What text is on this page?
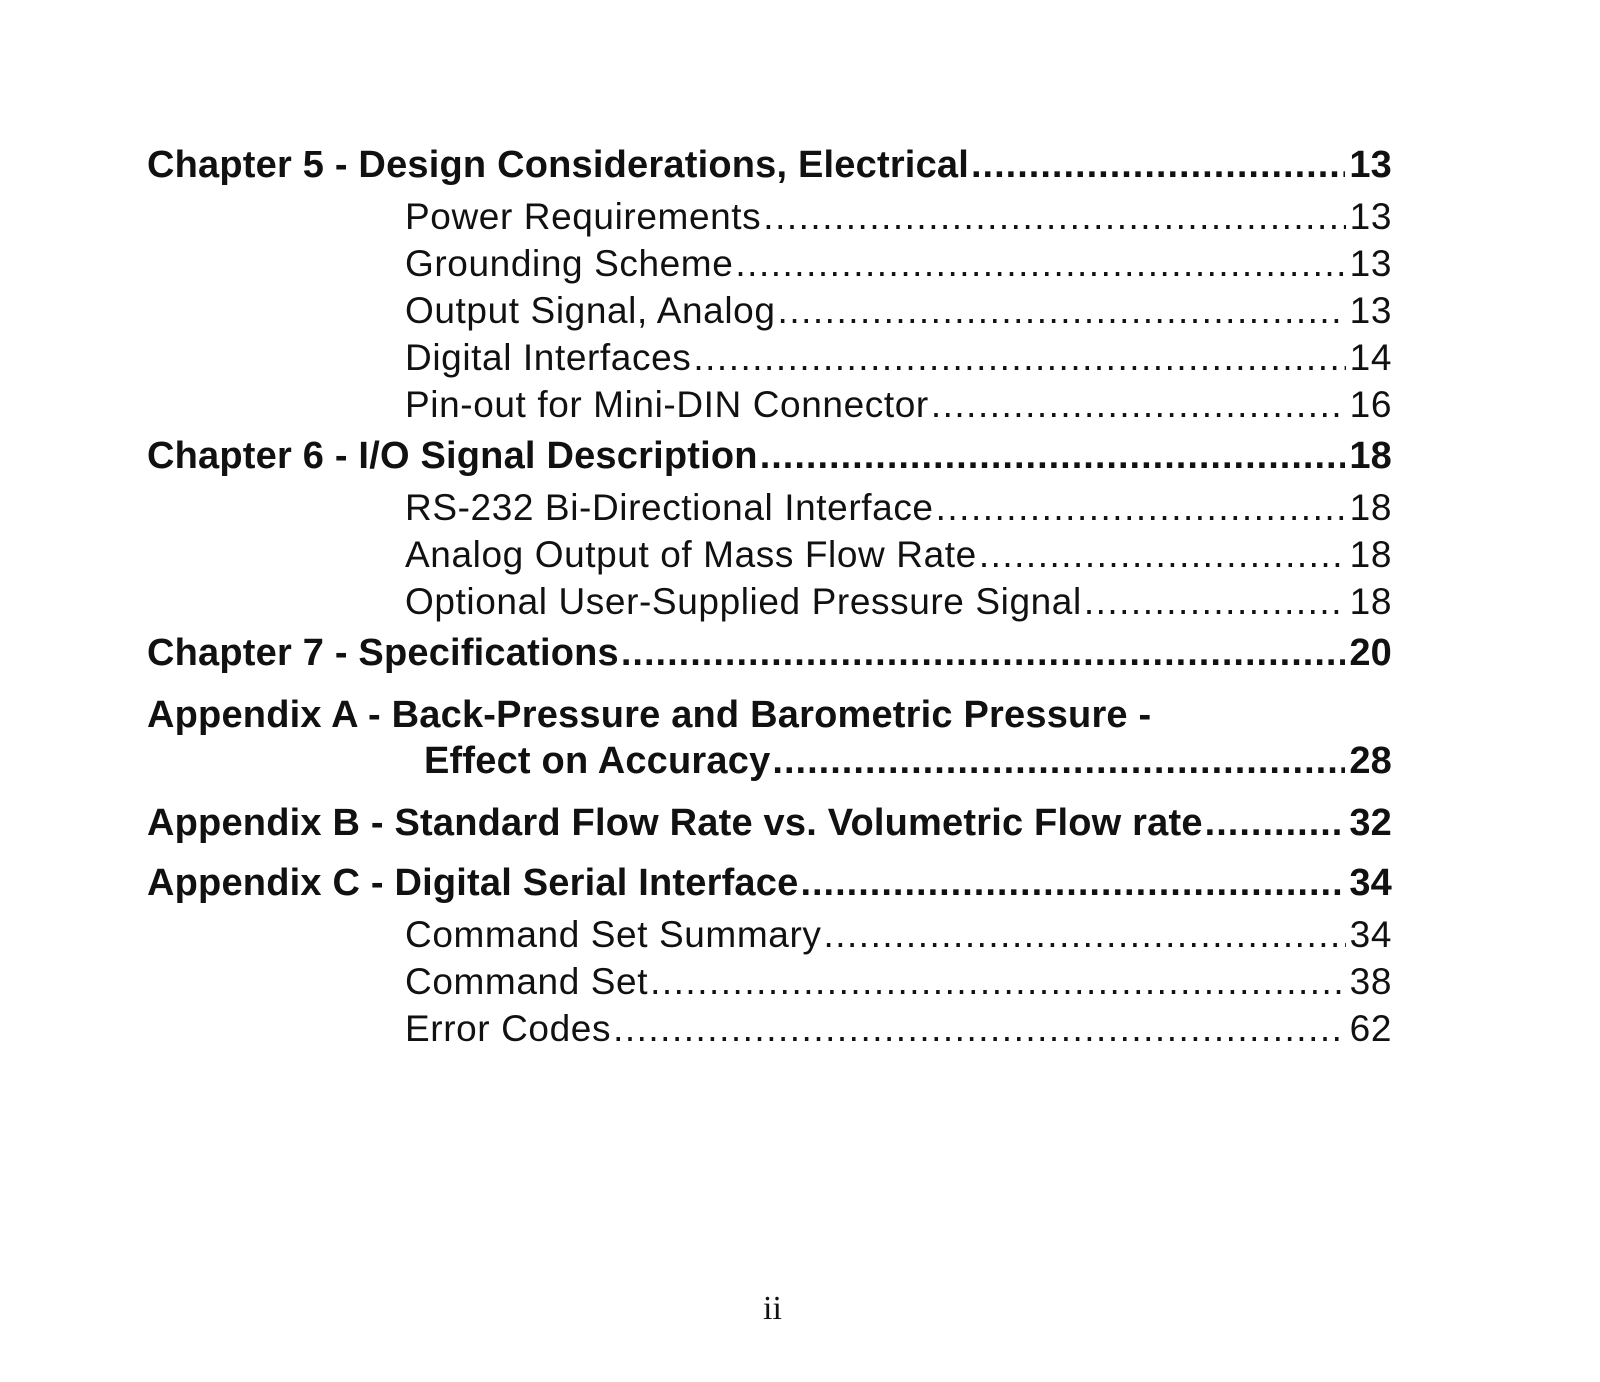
Chapter 5 - Design Considerations, Electrical .....	13
Power Requirements .....	13
Grounding Scheme .....	13
Output Signal, Analog .....	13
Digital Interfaces .....	14
Pin-out for Mini-DIN Connector .....	16
Chapter 6 - I/O Signal Description .....	18
RS-232 Bi-Directional Interface .....	18
Analog Output of Mass Flow Rate .....	18
Optional User-Supplied Pressure Signal .....	18
Chapter 7 - Specifications .....	20
Appendix A - Back-Pressure and Barometric Pressure -
Effect on Accuracy .....	28
Appendix B - Standard Flow Rate vs. Volumetric Flow rate .....	32
Appendix C - Digital Serial Interface .....	34
Command Set Summary .....	34
Command Set .....	38
Error Codes .....	62
ii
